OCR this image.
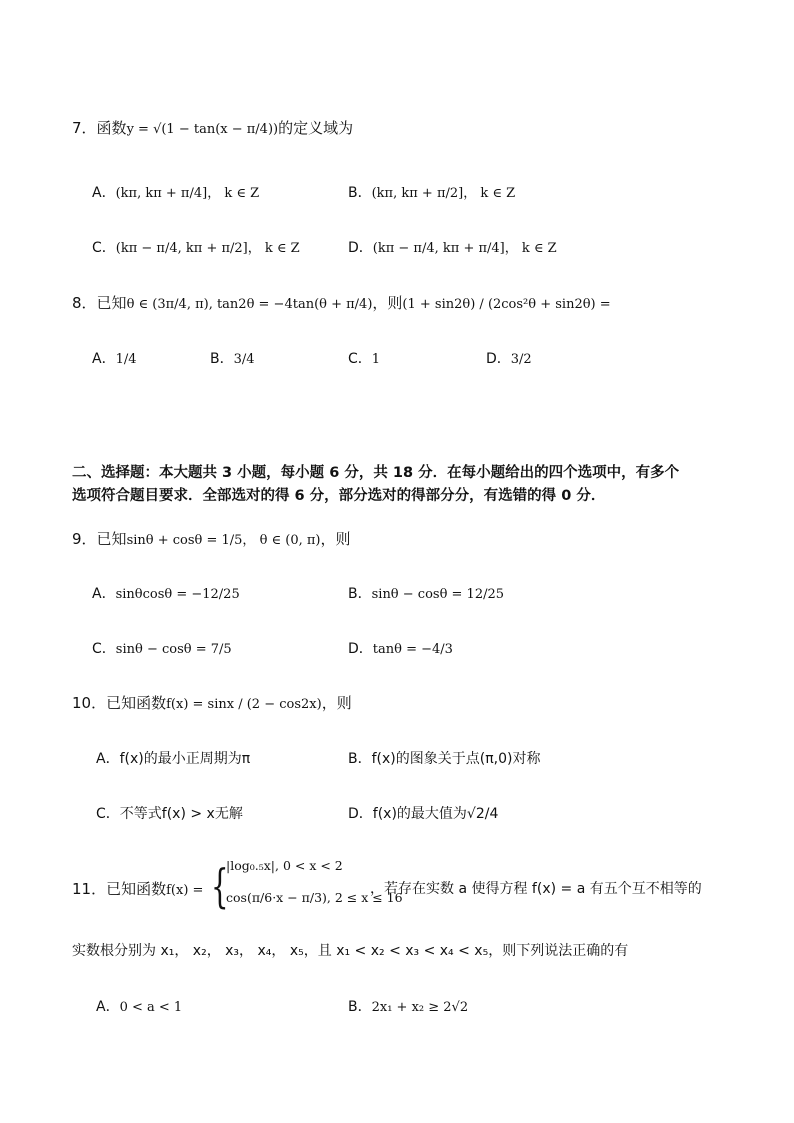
7．函数y = √(1 − tan(x − π/4))的定义域为
A．(kπ, kπ + π/4]， k ∈ Z	B．(kπ, kπ + π/2]， k ∈ Z
C．(kπ − π/4, kπ + π/2]， k ∈ Z	D．(kπ − π/4, kπ + π/4]， k ∈ Z
8．已知θ ∈ (3π/4, π), tan2θ = −4tan(θ + π/4)，则(1 + sin2θ) / (2cos²θ + sin2θ) =
A．1/4	B．3/4	C．1	D．3/2
二、选择题：本大题共 3 小题，每小题 6 分，共 18 分．在每小题给出的四个选项中，有多个
选项符合题目要求．全部选对的得 6 分，部分选对的得部分分，有选错的得 0 分．
9．已知sinθ + cosθ = 1/5， θ ∈ (0, π)，则
A．sinθcosθ = −12/25	B．sinθ − cosθ = 12/25
C．sinθ − cosθ = 7/5	D．tanθ = −4/3
10．已知函数f(x) = sinx / (2 − cos2x)，则
A．f(x)的最小正周期为π	B．f(x)的图象关于点(π,0)对称
C．不等式f(x) > x无解	D．f(x)的最大值为√2/4
11．已知函数f(x) = {
|log₀.₅x|, 0 < x < 2
cos(π/6·x − π/3), 2 ≤ x ≤ 16
，若存在实数 a 使得方程 f(x) = a 有五个互不相等的
实数根分别为 x₁， x₂， x₃， x₄， x₅，且 x₁ < x₂ < x₃ < x₄ < x₅，则下列说法正确的有
A．0 < a < 1	B．2x₁ + x₂ ≥ 2√2
